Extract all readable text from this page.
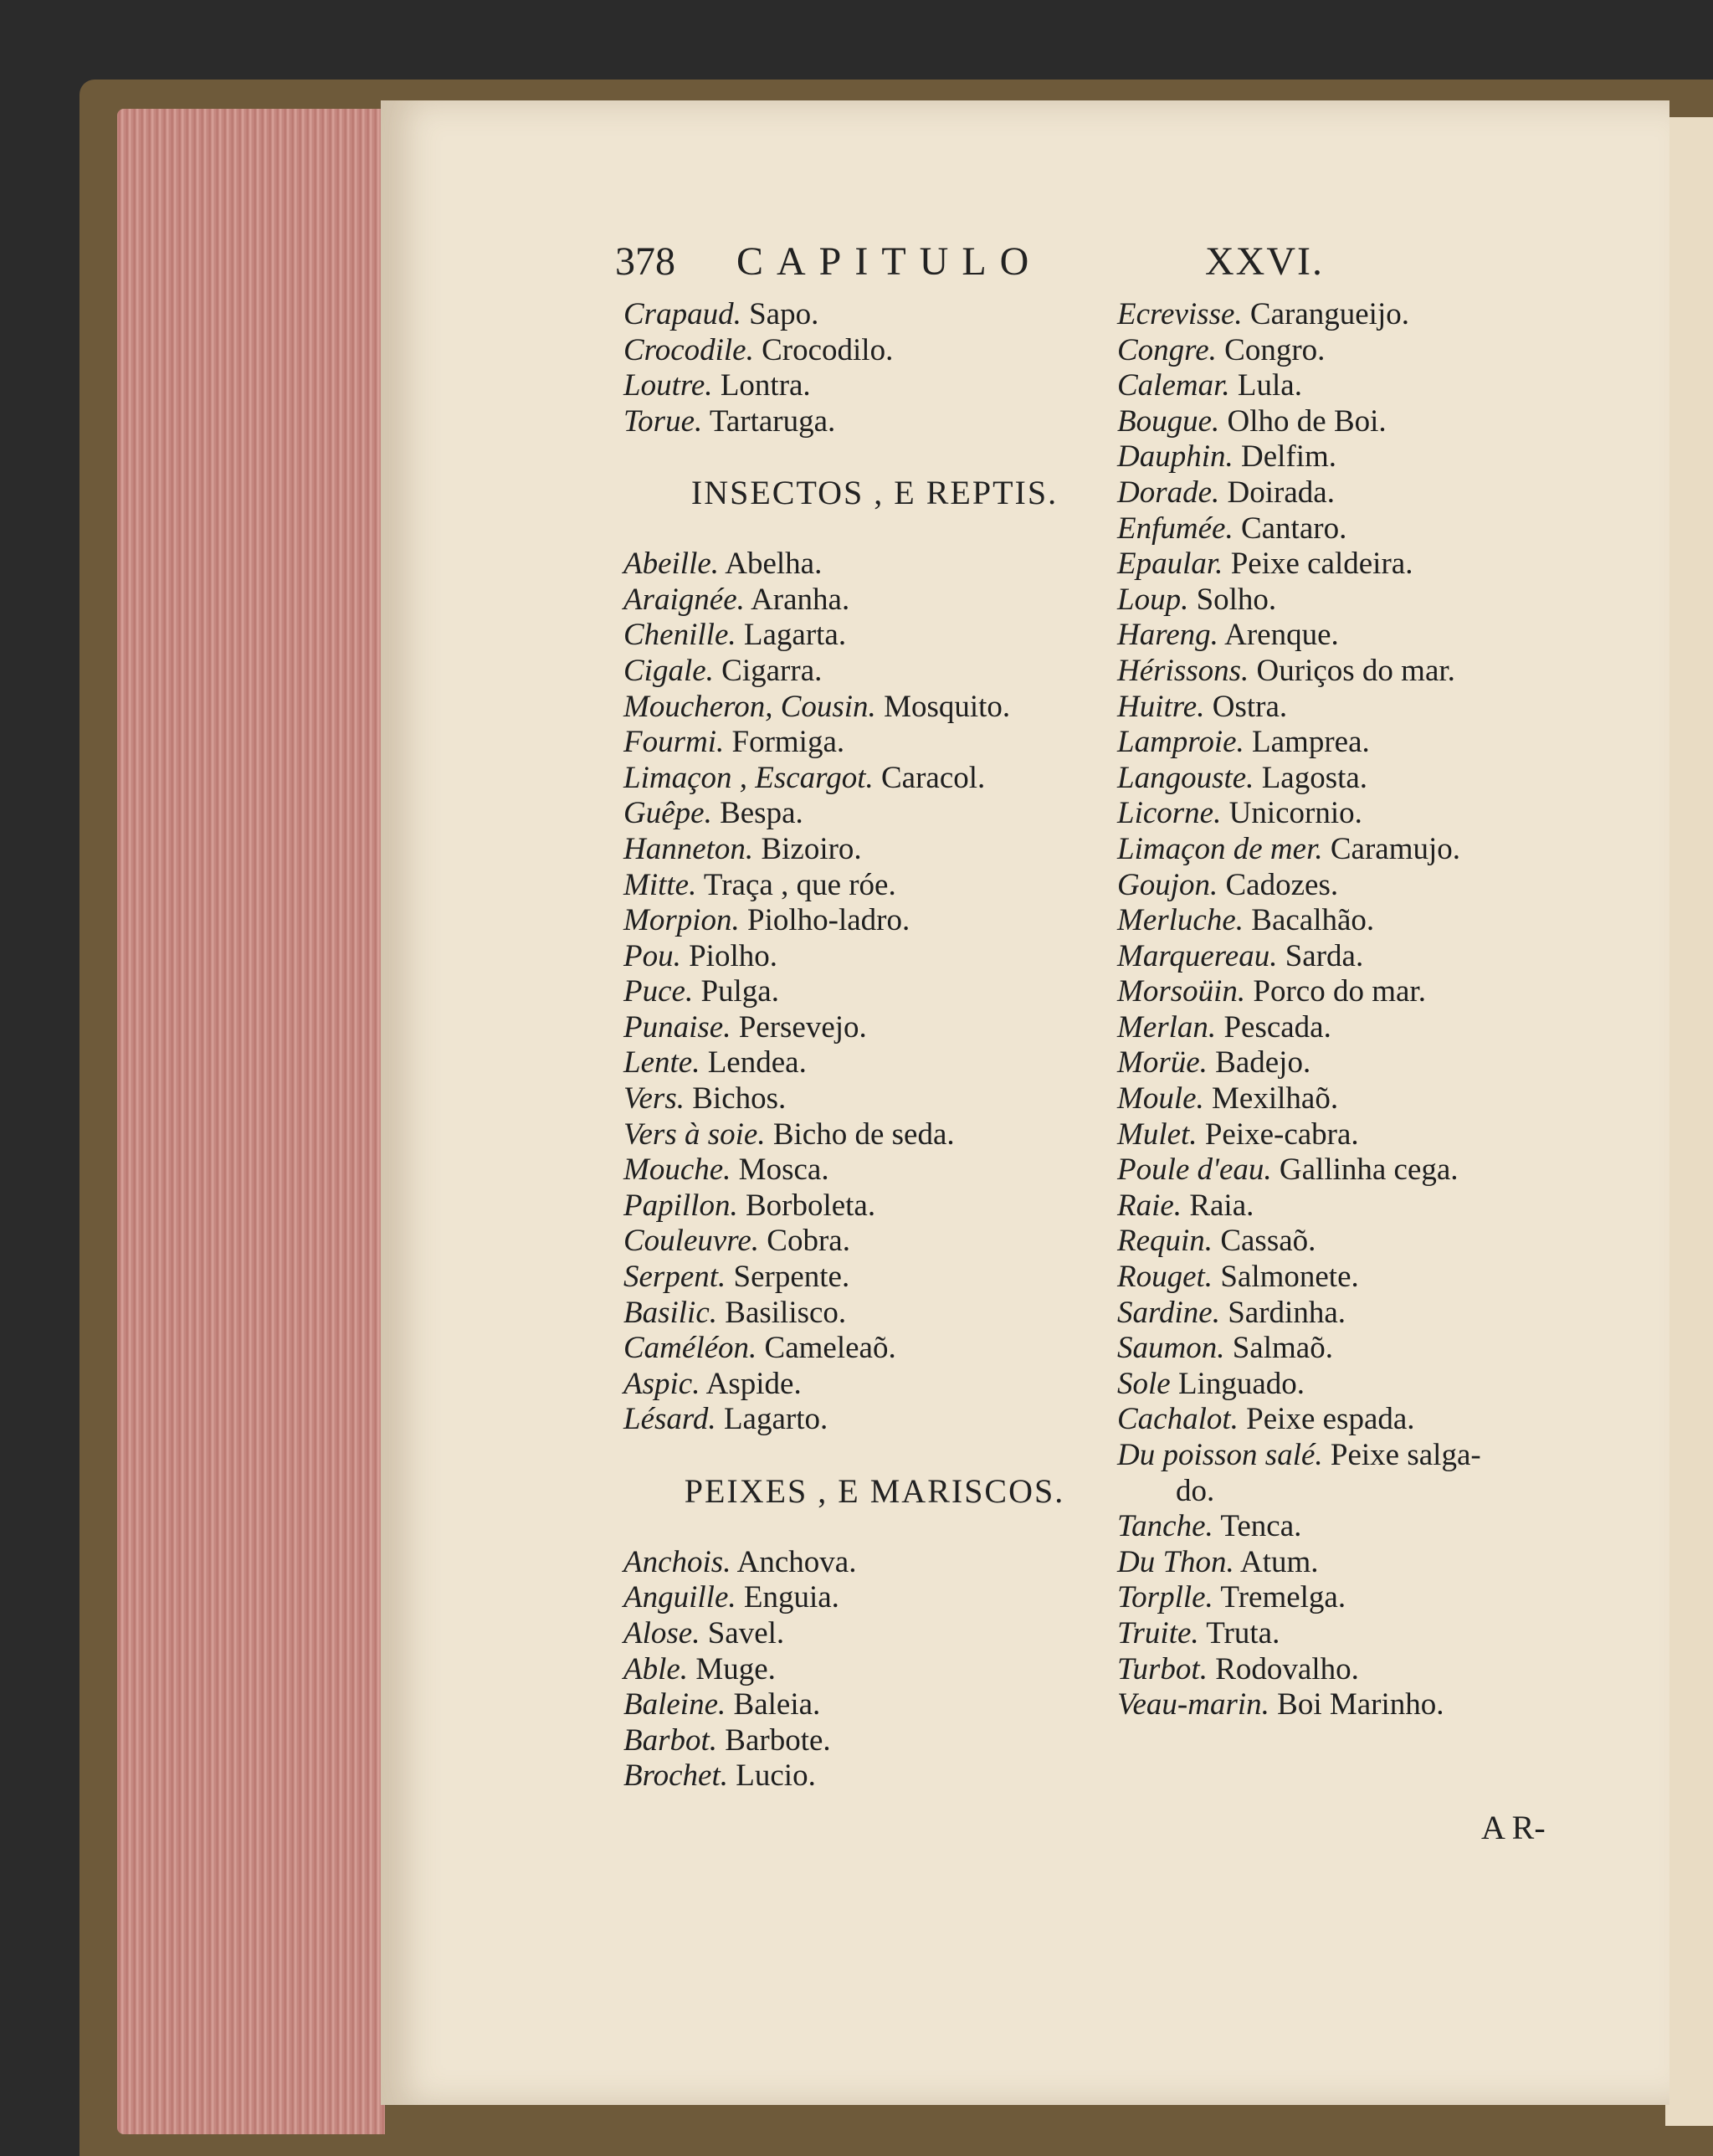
378 CAPITULO	XXVI.
Crapaud. Sapo.
Crocodile. Crocodilo.
Loutre. Lontra.
Torue. Tartaruga.
INSECTOS , E REPTIS.
Abeille. Abelha.
Araignée. Aranha.
Chenille. Lagarta.
Cigale. Cigarra.
Moucheron, Cousin. Mosquito.
Fourmi. Formiga.
Limaçon , Escargot. Caracol.
Guêpe. Bespa.
Hanneton. Bizoiro.
Mitte. Traça , que róe.
Morpion. Piolho-ladro.
Pou. Piolho.
Puce. Pulga.
Punaise. Persevejo.
Lente. Lendea.
Vers. Bichos.
Vers à soie. Bicho de seda.
Mouche. Mosca.
Papillon. Borboleta.
Couleuvre. Cobra.
Serpent. Serpente.
Basilic. Basilisco.
Caméléon. Cameleaõ.
Aspic. Aspide.
Lésard. Lagarto.
PEIXES , E MARISCOS.
Anchois. Anchova.
Anguille. Enguia.
Alose. Savel.
Able. Muge.
Baleine. Baleia.
Barbot. Barbote.
Brochet. Lucio.
Ecrevisse. Carangueijo.
Congre. Congro.
Calemar. Lula.
Bougue. Olho de Boi.
Dauphin. Delfim.
Dorade. Doirada.
Enfumée. Cantaro.
Epaular. Peixe caldeira.
Loup. Solho.
Hareng. Arenque.
Hérissons. Ouriços do mar.
Huitre. Ostra.
Lamproie. Lamprea.
Langouste. Lagosta.
Licorne. Unicornio.
Limaçon de mer. Caramujo.
Goujon. Cadozes.
Merluche. Bacalhão.
Marquereau. Sarda.
Morsoüin. Porco do mar.
Merlan. Pescada.
Morüe. Badejo.
Moule. Mexilhaõ.
Mulet. Peixe-cabra.
Poule d'eau. Gallinha cega.
Raie. Raia.
Requin. Cassaõ.
Rouget. Salmonete.
Sardine. Sardinha.
Saumon. Salmaõ.
Sole Linguado.
Cachalot. Peixe espada.
Du poisson salé. Peixe salga-
do.
Tanche. Tenca.
Du Thon. Atum.
Torplle. Tremelga.
Truite. Truta.
Turbot. Rodovalho.
Veau-marin. Boi Marinho.
A R-
